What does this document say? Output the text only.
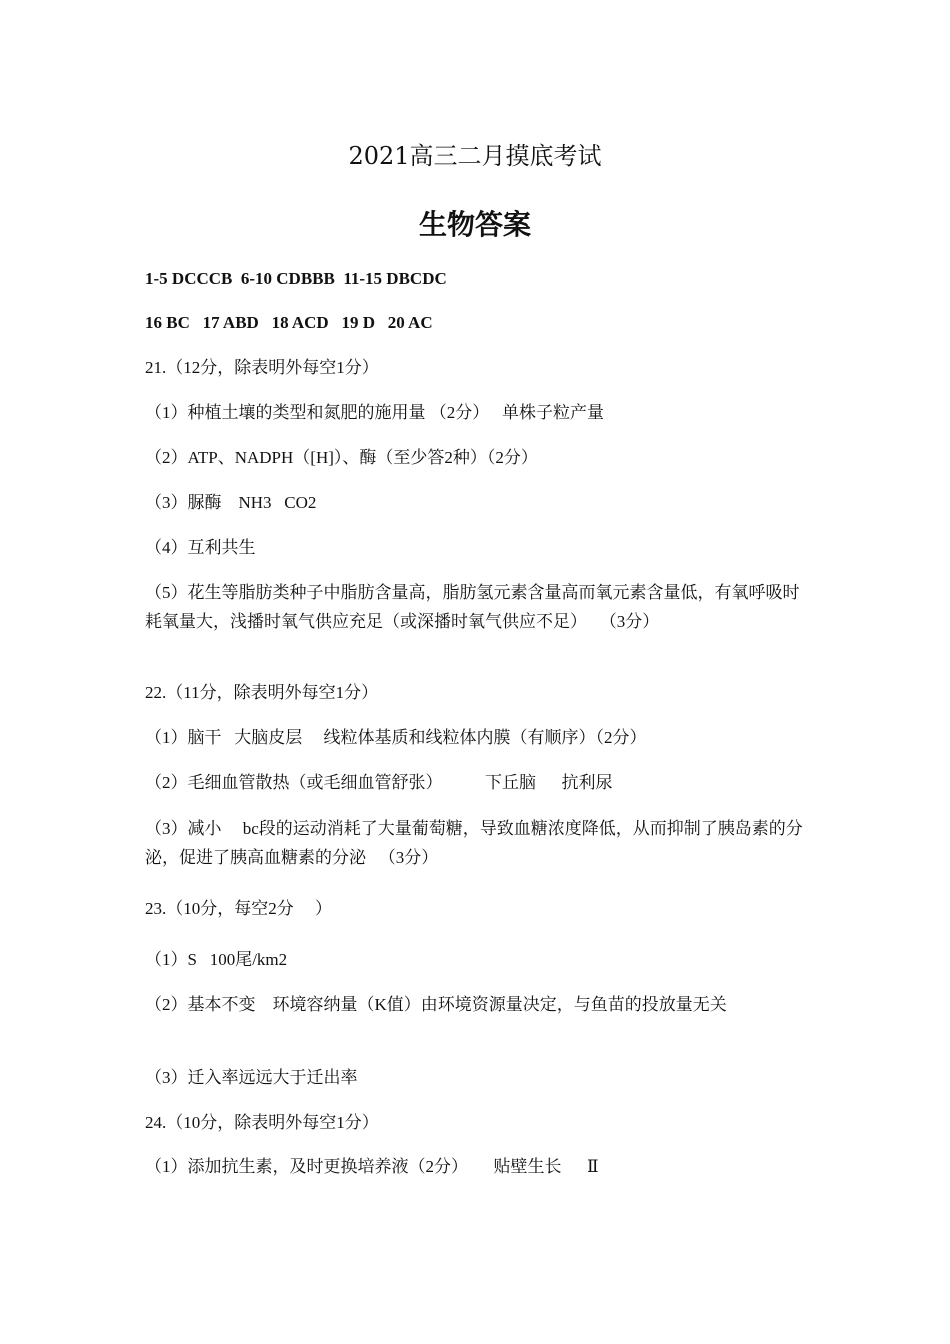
2021高三二月摸底考试
生物答案

1-5 DCCCB  6-10 CDBBB  11-15 DBCDC

16 BC   17 ABD   18 ACD   19 D   20 AC

21.（12分，除表明外每空1分）

（1）种植土壤的类型和氮肥的施用量 （2分）   单株子粒产量

（2）ATP、NADPH（[H]）、酶（至少答2种）（2分）

（3）脲酶    NH3   CO2

（4）互利共生

（5）花生等脂肪类种子中脂肪含量高，脂肪氢元素含量高而氧元素含量低，有氧呼吸时耗氧量大，浅播时氧气供应充足（或深播时氧气供应不足）   （3分）

22.（11分，除表明外每空1分）

（1）脑干   大脑皮层     线粒体基质和线粒体内膜（有顺序）（2分）

（2）毛细血管散热（或毛细血管舒张）          下丘脑      抗利尿

（3）减小     bc段的运动消耗了大量葡萄糖，导致血糖浓度降低，从而抑制了胰岛素的分泌，促进了胰高血糖素的分泌   （3分）

23.（10分，每空2分     ）

（1）S   100尾/km2

（2）基本不变    环境容纳量（K值）由环境资源量决定，与鱼苗的投放量无关

（3）迁入率远远大于迁出率

24.（10分，除表明外每空1分）

（1）添加抗生素，及时更换培养液（2分）      贴壁生长      Ⅱ
